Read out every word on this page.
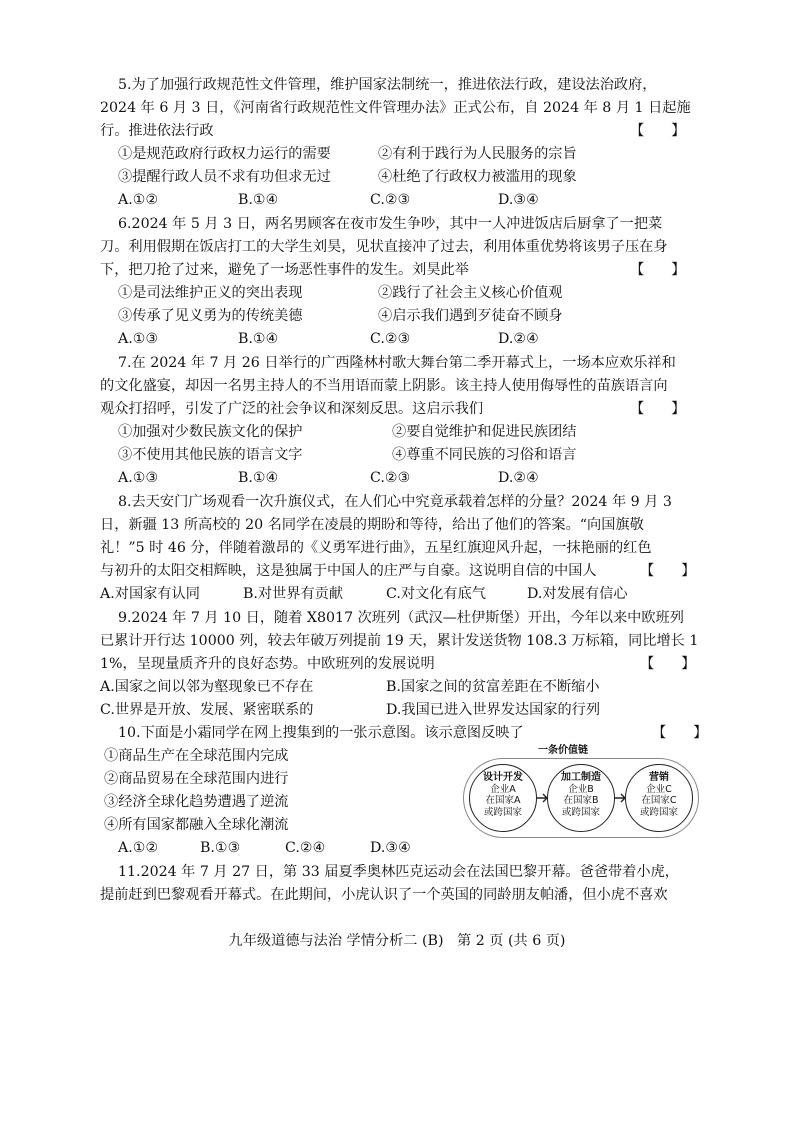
5.为了加强行政规范性文件管理，维护国家法制统一，推进依法行政，建设法治政府，
2024 年 6 月 3 日，《河南省行政规范性文件管理办法》正式公布，自 2024 年 8 月 1 日起施
行。推进依法行政	【      】
①是规范政府行政权力运行的需要	②有利于践行为人民服务的宗旨
③提醒行政人员不求有功但求无过	④杜绝了行政权力被滥用的现象
A.①②	B.①④	C.②③	D.③④
6.2024 年 5 月 3 日，两名男顾客在夜市发生争吵，其中一人冲进饭店后厨拿了一把菜
刀。利用假期在饭店打工的大学生刘昊，见状直接冲了过去，利用体重优势将该男子压在身
下，把刀抢了过来，避免了一场恶性事件的发生。刘昊此举	【      】
①是司法维护正义的突出表现	②践行了社会主义核心价值观
③传承了见义勇为的传统美德	④启示我们遇到歹徒奋不顾身
A.①③	B.①④	C.②③	D.②④
7.在 2024 年 7 月 26 日举行的广西隆林村歌大舞台第二季开幕式上，一场本应欢乐祥和
的文化盛宴，却因一名男主持人的不当用语而蒙上阴影。该主持人使用侮辱性的苗族语言向
观众打招呼，引发了广泛的社会争议和深刻反思。这启示我们	【      】
①加强对少数民族文化的保护	②要自觉维护和促进民族团结
③不使用其他民族的语言文字	④尊重不同民族的习俗和语言
A.①③	B.①④	C.②③	D.②④
8.去天安门广场观看一次升旗仪式，在人们心中究竟承载着怎样的分量？2024 年 9 月 3
日，新疆 13 所高校的 20 名同学在凌晨的期盼和等待，给出了他们的答案。“向国旗敬
礼！”5 时 46 分，伴随着激昂的《义勇军进行曲》，五星红旗迎风升起，一抹艳丽的红色
与初升的太阳交相辉映，这是独属于中国人的庄严与自豪。这说明自信的中国人	【      】
A.对国家有认同	B.对世界有贡献	C.对文化有底气	D.对发展有信心
9.2024 年 7 月 10 日，随着 X8017 次班列（武汉—杜伊斯堡）开出，今年以来中欧班列
已累计开行达 10000 列，较去年破万列提前 19 天，累计发送货物 108.3 万标箱，同比增长 1
1%，呈现量质齐升的良好态势。中欧班列的发展说明	【      】
A.国家之间以邻为壑现象已不存在	B.国家之间的贫富差距在不断缩小
C.世界是开放、发展、紧密联系的	D.我国已进入世界发达国家的行列
10.下面是小霜同学在网上搜集到的一张示意图。该示意图反映了	【      】
①商品生产在全球范围内完成
②商品贸易在全球范围内进行
③经济全球化趋势遭遇了逆流
④所有国家都融入全球化潮流
A.①②	B.①③	C.②④	D.③④
一条价值链
设计开发
企业A
在国家A
或跨国家
加工制造
企业B
在国家B
或跨国家
营销
企业C
在国家C
或跨国家
11.2024 年 7 月 27 日，第 33 届夏季奥林匹克运动会在法国巴黎开幕。爸爸带着小虎，
提前赶到巴黎观看开幕式。在此期间，小虎认识了一个英国的同龄朋友帕潘，但小虎不喜欢
九年级道德与法治 学情分析二 (B)   第 2 页 (共 6 页)
